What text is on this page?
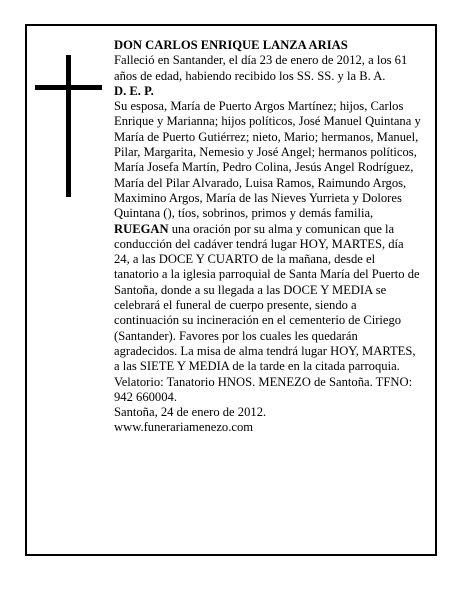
DON CARLOS ENRIQUE LANZA ARIAS

Falleció en Santander, el día 23 de enero de 2012, a los 61 años de edad, habiendo recibido los SS. SS. y la B. A.

D. E. P.

Su esposa, María de Puerto Argos Martínez; hijos, Carlos Enrique y Marianna; hijos políticos, José Manuel Quintana y María de Puerto Gutiérrez; nieto, Mario; hermanos, Manuel, Pilar, Margarita, Nemesio y José Angel; hermanos políticos, María Josefa Martín, Pedro Colina, Jesús Angel Rodríguez, María del Pilar Alvarado, Luisa Ramos, Raimundo Argos, Maximino Argos, María de las Nieves Yurrieta y Dolores Quintana (), tíos, sobrinos, primos y demás familia,

RUEGAN una oración por su alma y comunican que la conducción del cadáver tendrá lugar HOY, MARTES, día 24, a las DOCE Y CUARTO de la mañana, desde el tanatorio a la iglesia parroquial de Santa María del Puerto de Santoña, donde a su llegada a las DOCE Y MEDIA se celebrará el funeral de cuerpo presente, siendo a continuación su incineración en el cementerio de Ciriego (Santander). Favores por los cuales les quedarán agradecidos. La misa de alma tendrá lugar HOY, MARTES, a las SIETE Y MEDIA de la tarde en la citada parroquia. Velatorio: Tanatorio HNOS. MENEZO de Santoña. TFNO: 942 660004.

Santoña, 24 de enero de 2012.

www.funerariamenezo.com
